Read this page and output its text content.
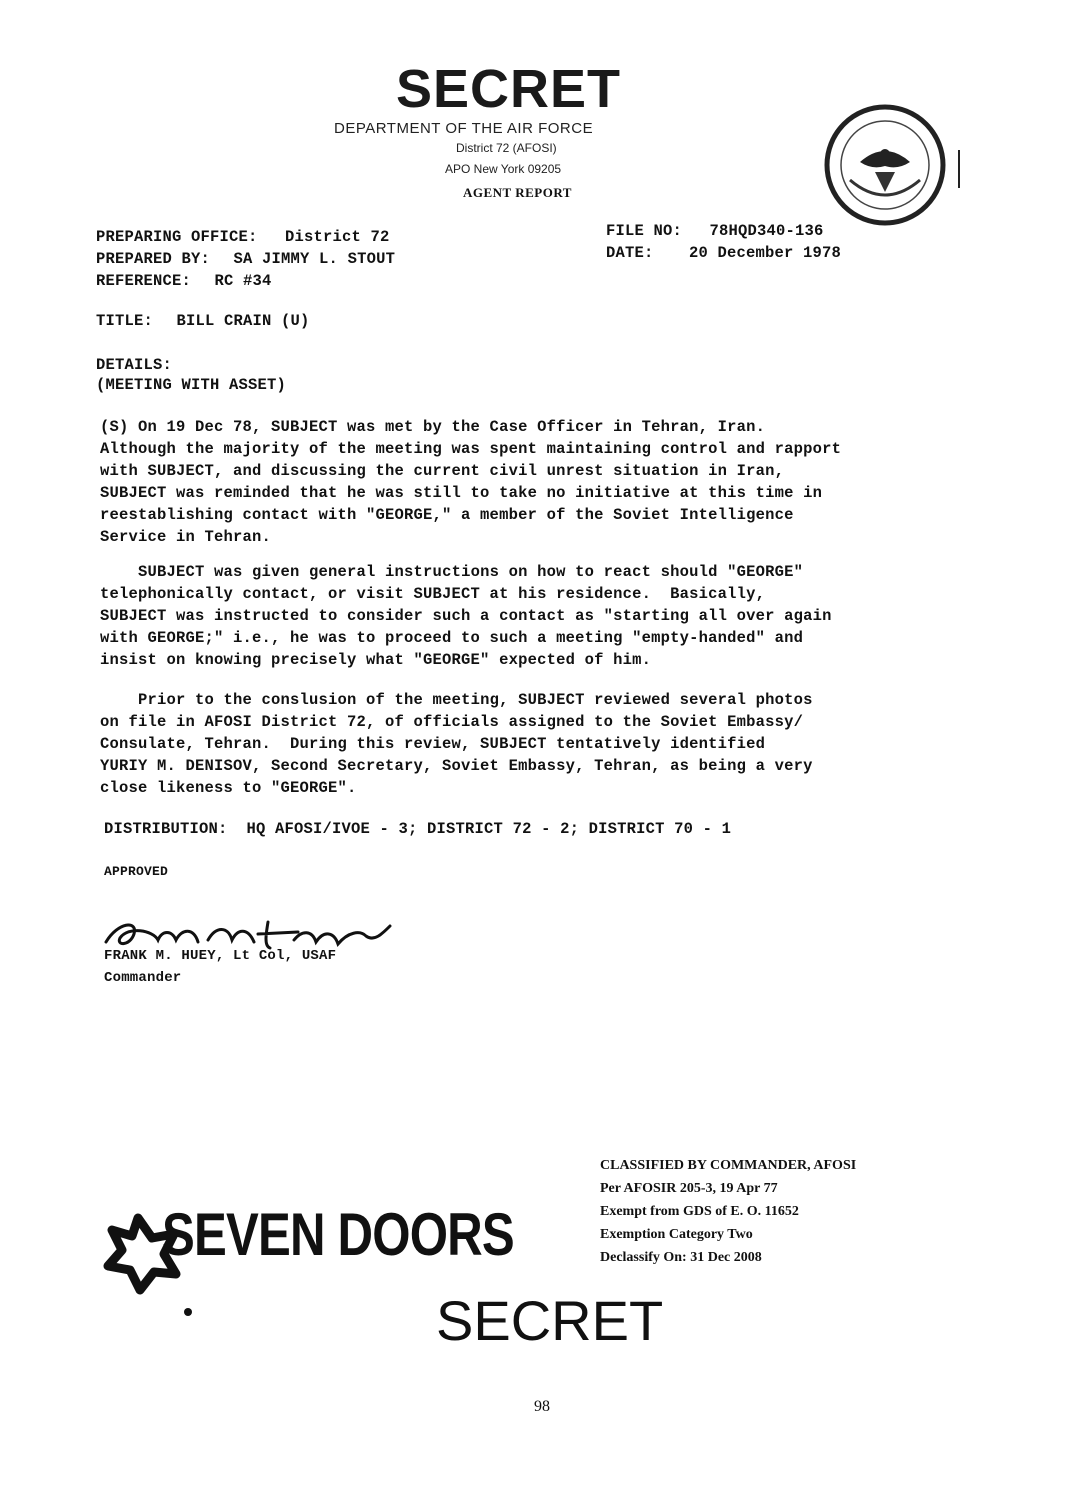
SECRET
DEPARTMENT OF THE AIR FORCE
District 72 (AFOSI)
APO New York 09205
AGENT REPORT
PREPARING OFFICE: District 72
PREPARED BY: SA JIMMY L. STOUT
REFERENCE: RC #34
FILE NO: 78HQD340-136
DATE: 20 December 1978
TITLE: BILL CRAIN (U)
DETAILS:
(MEETING WITH ASSET)
(S) On 19 Dec 78, SUBJECT was met by the Case Officer in Tehran, Iran.
Although the majority of the meeting was spent maintaining control and rapport
with SUBJECT, and discussing the current civil unrest situation in Iran,
SUBJECT was reminded that he was still to take no initiative at this time in
reestablishing contact with "GEORGE," a member of the Soviet Intelligence
Service in Tehran.
SUBJECT was given general instructions on how to react should "GEORGE"
telephonically contact, or visit SUBJECT at his residence.  Basically,
SUBJECT was instructed to consider such a contact as "starting all over again
with GEORGE;" i.e., he was to proceed to such a meeting "empty-handed" and
insist on knowing precisely what "GEORGE" expected of him.
Prior to the conslusion of the meeting, SUBJECT reviewed several photos
on file in AFOSI District 72, of officials assigned to the Soviet Embassy/
Consulate, Tehran.  During this review, SUBJECT tentatively identified
YURIY M. DENISOV, Second Secretary, Soviet Embassy, Tehran, as being a very
close likeness to "GEORGE".
DISTRIBUTION:  HQ AFOSI/IVOE - 3; DISTRICT 72 - 2; DISTRICT 70 - 1
APPROVED
FRANK M. HUEY, Lt Col, USAF
Commander
SEVEN DOORS
SECRET
CLASSIFIED BY COMMANDER, AFOSI
Per AFOSIR 205-3, 19 Apr 77
Exempt from GDS of E. O. 11652
Exemption Category Two
Declassify On: 31 Dec 2008
98
